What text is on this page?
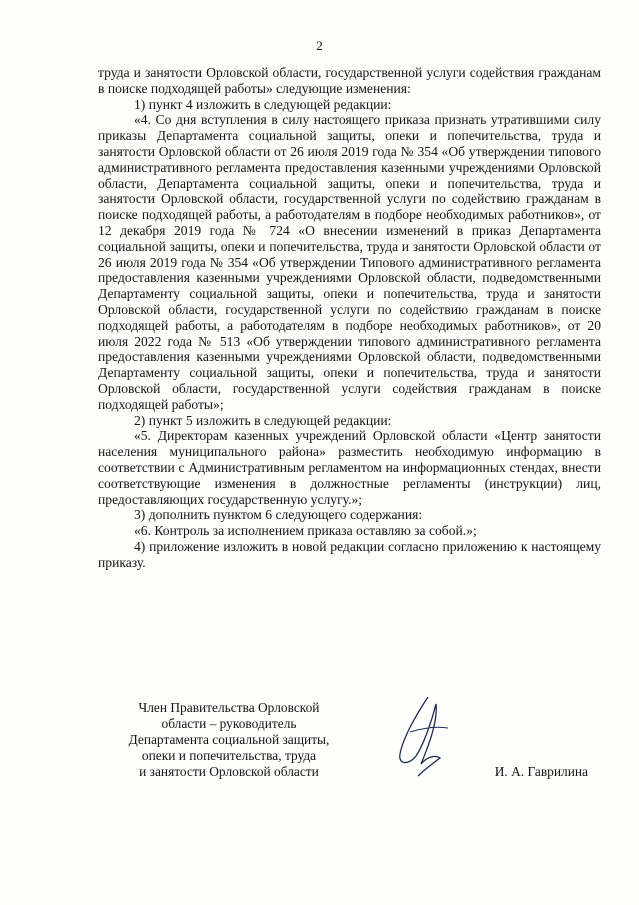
2

труда и занятости Орловской области, государственной услуги содействия гражданам в поиске подходящей работы» следующие изменения:

1) пункт 4 изложить в следующей редакции:

«4. Со дня вступления в силу настоящего приказа признать утратившими силу приказы Департамента социальной защиты, опеки и попечительства, труда и занятости Орловской области от 26 июля 2019 года № 354 «Об утверждении типового административного регламента предоставления казенными учреждениями Орловской области, Департамента социальной защиты, опеки и попечительства, труда и занятости Орловской области, государственной услуги по содействию гражданам в поиске подходящей работы, а работодателям в подборе необходимых работников», от 12 декабря 2019 года № 724 «О внесении изменений в приказ Департамента социальной защиты, опеки и попечительства, труда и занятости Орловской области от 26 июля 2019 года № 354 «Об утверждении Типового административного регламента предоставления казенными учреждениями Орловской области, подведомственными Департаменту социальной защиты, опеки и попечительства, труда и занятости Орловской области, государственной услуги по содействию гражданам в поиске подходящей работы, а работодателям в подборе необходимых работников», от 20 июля 2022 года № 513 «Об утверждении типового административного регламента предоставления казенными учреждениями Орловской области, подведомственными Департаменту социальной защиты, опеки и попечительства, труда и занятости Орловской области, государственной услуги содействия гражданам в поиске подходящей работы»;

2) пункт 5 изложить в следующей редакции:

«5. Директорам казенных учреждений Орловской области «Центр занятости населения муниципального района» разместить необходимую информацию в соответствии с Административным регламентом на информационных стендах, внести соответствующие изменения в должностные регламенты (инструкции) лиц, предоставляющих государственную услугу.»;

3) дополнить пунктом 6 следующего содержания:

«6. Контроль за исполнением приказа оставляю за собой.»;

4) приложение изложить в новой редакции согласно приложению к настоящему приказу.

Член Правительства Орловской
области – руководитель
Департамента социальной защиты,
опеки и попечительства, труда
и занятости Орловской области	И. А. Гаврилина
